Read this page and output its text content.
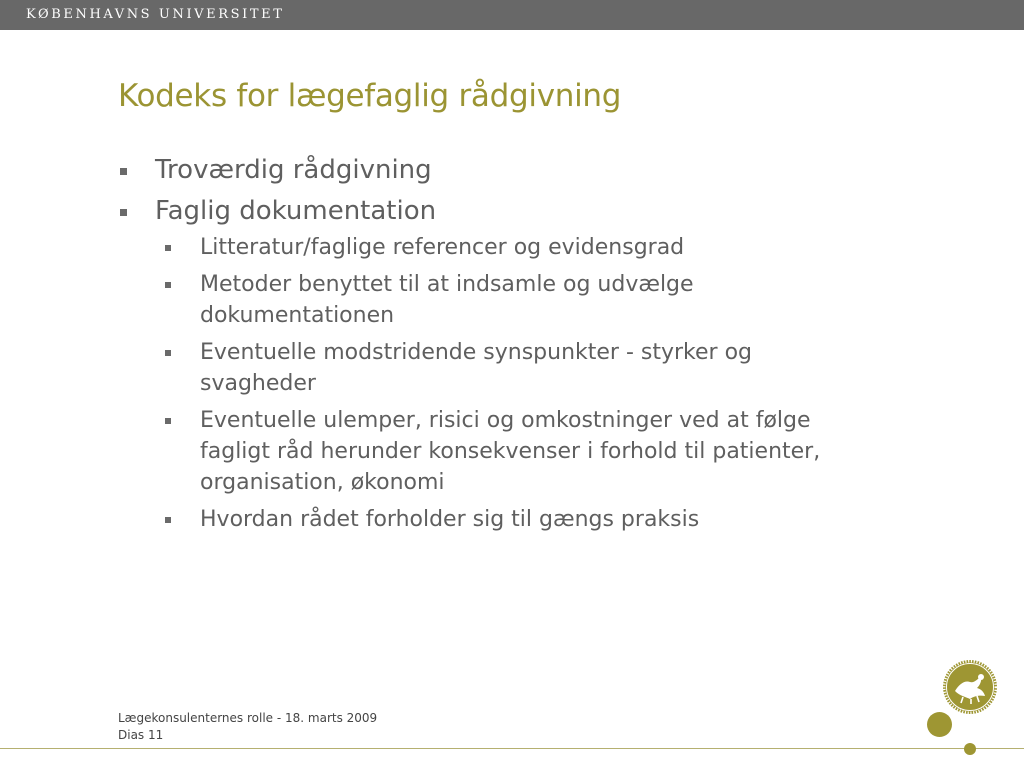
KØBENHAVNS UNIVERSITET
Kodeks for lægefaglig rådgivning
Troværdig rådgivning
Faglig dokumentation
Litteratur/faglige referencer og evidensgrad
Metoder benyttet til at indsamle og udvælge dokumentationen
Eventuelle modstridende synspunkter - styrker og svagheder
Eventuelle ulemper, risici og omkostninger ved at følge fagligt råd herunder konsekvenser i forhold til patienter, organisation, økonomi
Hvordan rådet forholder sig til gængs praksis
Lægekonsulenternes rolle - 18. marts 2009
Dias 11
